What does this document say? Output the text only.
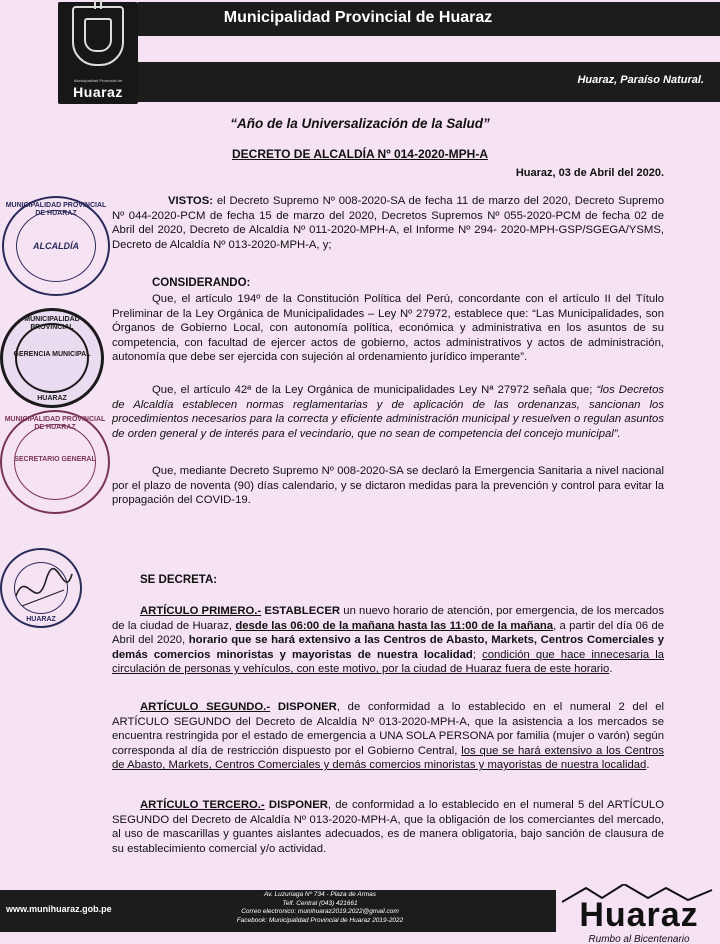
Municipalidad Provincial de
Huaraz
Municipalidad Provincial de Huaraz
Huaraz, Paraíso Natural.
“Año de la Universalización de la Salud”
DECRETO DE ALCALDÍA Nº 014-2020-MPH-A
Huaraz, 03 de Abril del 2020.
VISTOS: el Decreto Supremo Nº 008-2020-SA de fecha 11 de marzo del 2020, Decreto Supremo Nº 044-2020-PCM de fecha 15 de marzo del 2020, Decretos Supremos Nº 055-2020-PCM de fecha 02 de Abril del 2020, Decreto de Alcaldía Nº 011-2020-MPH-A, el Informe Nº 294- 2020-MPH-GSP/SGEGA/YSMS, Decreto de Alcaldía Nº 013-2020-MPH-A, y;
CONSIDERANDO:
Que, el artículo 194º de la Constitución Política del Perú, concordante con el artículo II del Título Preliminar de la Ley Orgánica de Municipalidades – Ley Nº 27972, establece que: “Las Municipalidades, son Órganos de Gobierno Local, con autonomía política, económica y administrativa en los asuntos de su competencia, con facultad de ejercer actos de gobierno, actos administrativos y actos de administración, autonomía que debe ser ejercida con sujeción al ordenamiento jurídico imperante”.
Que, el artículo 42ª de la Ley Orgánica de municipalidades Ley Nª 27972 señala que; “los Decretos de Alcaldía establecen normas reglamentarias y de aplicación de las ordenanzas, sancionan los procedimientos necesarios para la correcta y eficiente administración municipal y resuelven o regulan asuntos de orden general y de interés para el vecindario, que no sean de competencia del concejo municipal”.
Que, mediante Decreto Supremo Nº 008-2020-SA se declaró la Emergencia Sanitaria a nivel nacional por el plazo de noventa (90) días calendario, y se dictaron medidas para la prevención y control para evitar la propagación del COVID-19.
SE DECRETA:
ARTÍCULO PRIMERO.- ESTABLECER un nuevo horario de atención, por emergencia, de los mercados de la ciudad de Huaraz, desde las 06:00 de la mañana hasta las 11:00 de la mañana, a partir del día 06 de Abril del 2020, horario que se hará extensivo a las Centros de Abasto, Markets, Centros Comerciales y demás comercios minoristas y mayoristas de nuestra localidad; condición que hace innecesaria la circulación de personas y vehículos, con este motivo, por la ciudad de Huaraz fuera de este horario.
ARTÍCULO SEGUNDO.- DISPONER, de conformidad a lo establecido en el numeral 2 del el ARTÍCULO SEGUNDO del Decreto de Alcaldía Nº 013-2020-MPH-A, que la asistencia a los mercados se encuentra restringida por el estado de emergencia a UNA SOLA PERSONA por familia (mujer o varón) según corresponda al día de restricción dispuesto por el Gobierno Central, los que se hará extensivo a los Centros de Abasto, Markets, Centros Comerciales y demás comercios minoristas y mayoristas de nuestra localidad.
ARTÍCULO TERCERO.- DISPONER, de conformidad a lo establecido en el numeral 5 del ARTÍCULO SEGUNDO del Decreto de Alcaldía Nº 013-2020-MPH-A, que la obligación de los comerciantes del mercado, al uso de mascarillas y guantes aislantes adecuados, es de manera obligatoria, bajo sanción de clausura de su establecimiento comercial y/o actividad.
MUNICIPALIDAD PROVINCIAL DE HUARAZ
ALCALDÍA
MUNICIPALIDAD PROVINCIAL
GERENCIA MUNICIPAL
HUARAZ
MUNICIPALIDAD PROVINCIAL DE HUARAZ
SECRETARIO GENERAL
HUARAZ
www.munihuaraz.gob.pe
Av. Luzuriaga Nº 734 - Plaza de Armas
Telf. Central (043) 421661
Correo electronico: munihuaraz2019.2022@gmail.com
Facebook: Municipalidad Provincial de Huaraz 2019-2022	Huaraz
Rumbo al Bicentenario
